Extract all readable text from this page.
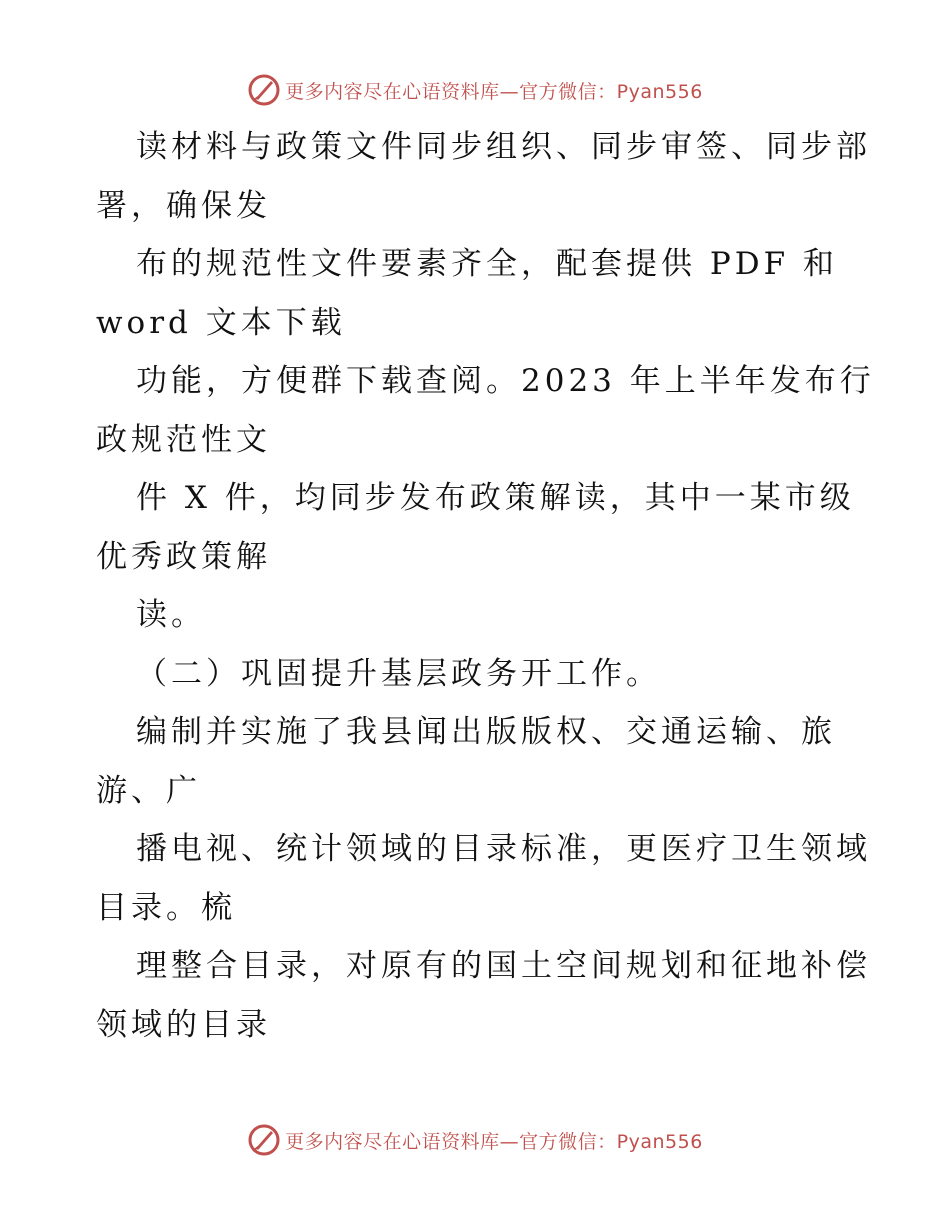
更多内容尽在心语资料库—官方微信：Pyan556
读材料与政策文件同步组织、同步审签、同步部
署，确保发
布的规范性文件要素齐全，配套提供 PDF 和
word 文本下载
功能，方便群下载查阅。2023 年上半年发布行
政规范性文
件 X 件，均同步发布政策解读，其中一某市级
优秀政策解
读。
（二）巩固提升基层政务开工作。
编制并实施了我县闻出版版权、交通运输、旅
游、广
播电视、统计领域的目录标准，更医疗卫生领域
目录。梳
理整合目录，对原有的国土空间规划和征地补偿
领域的目录
更多内容尽在心语资料库—官方微信：Pyan556
